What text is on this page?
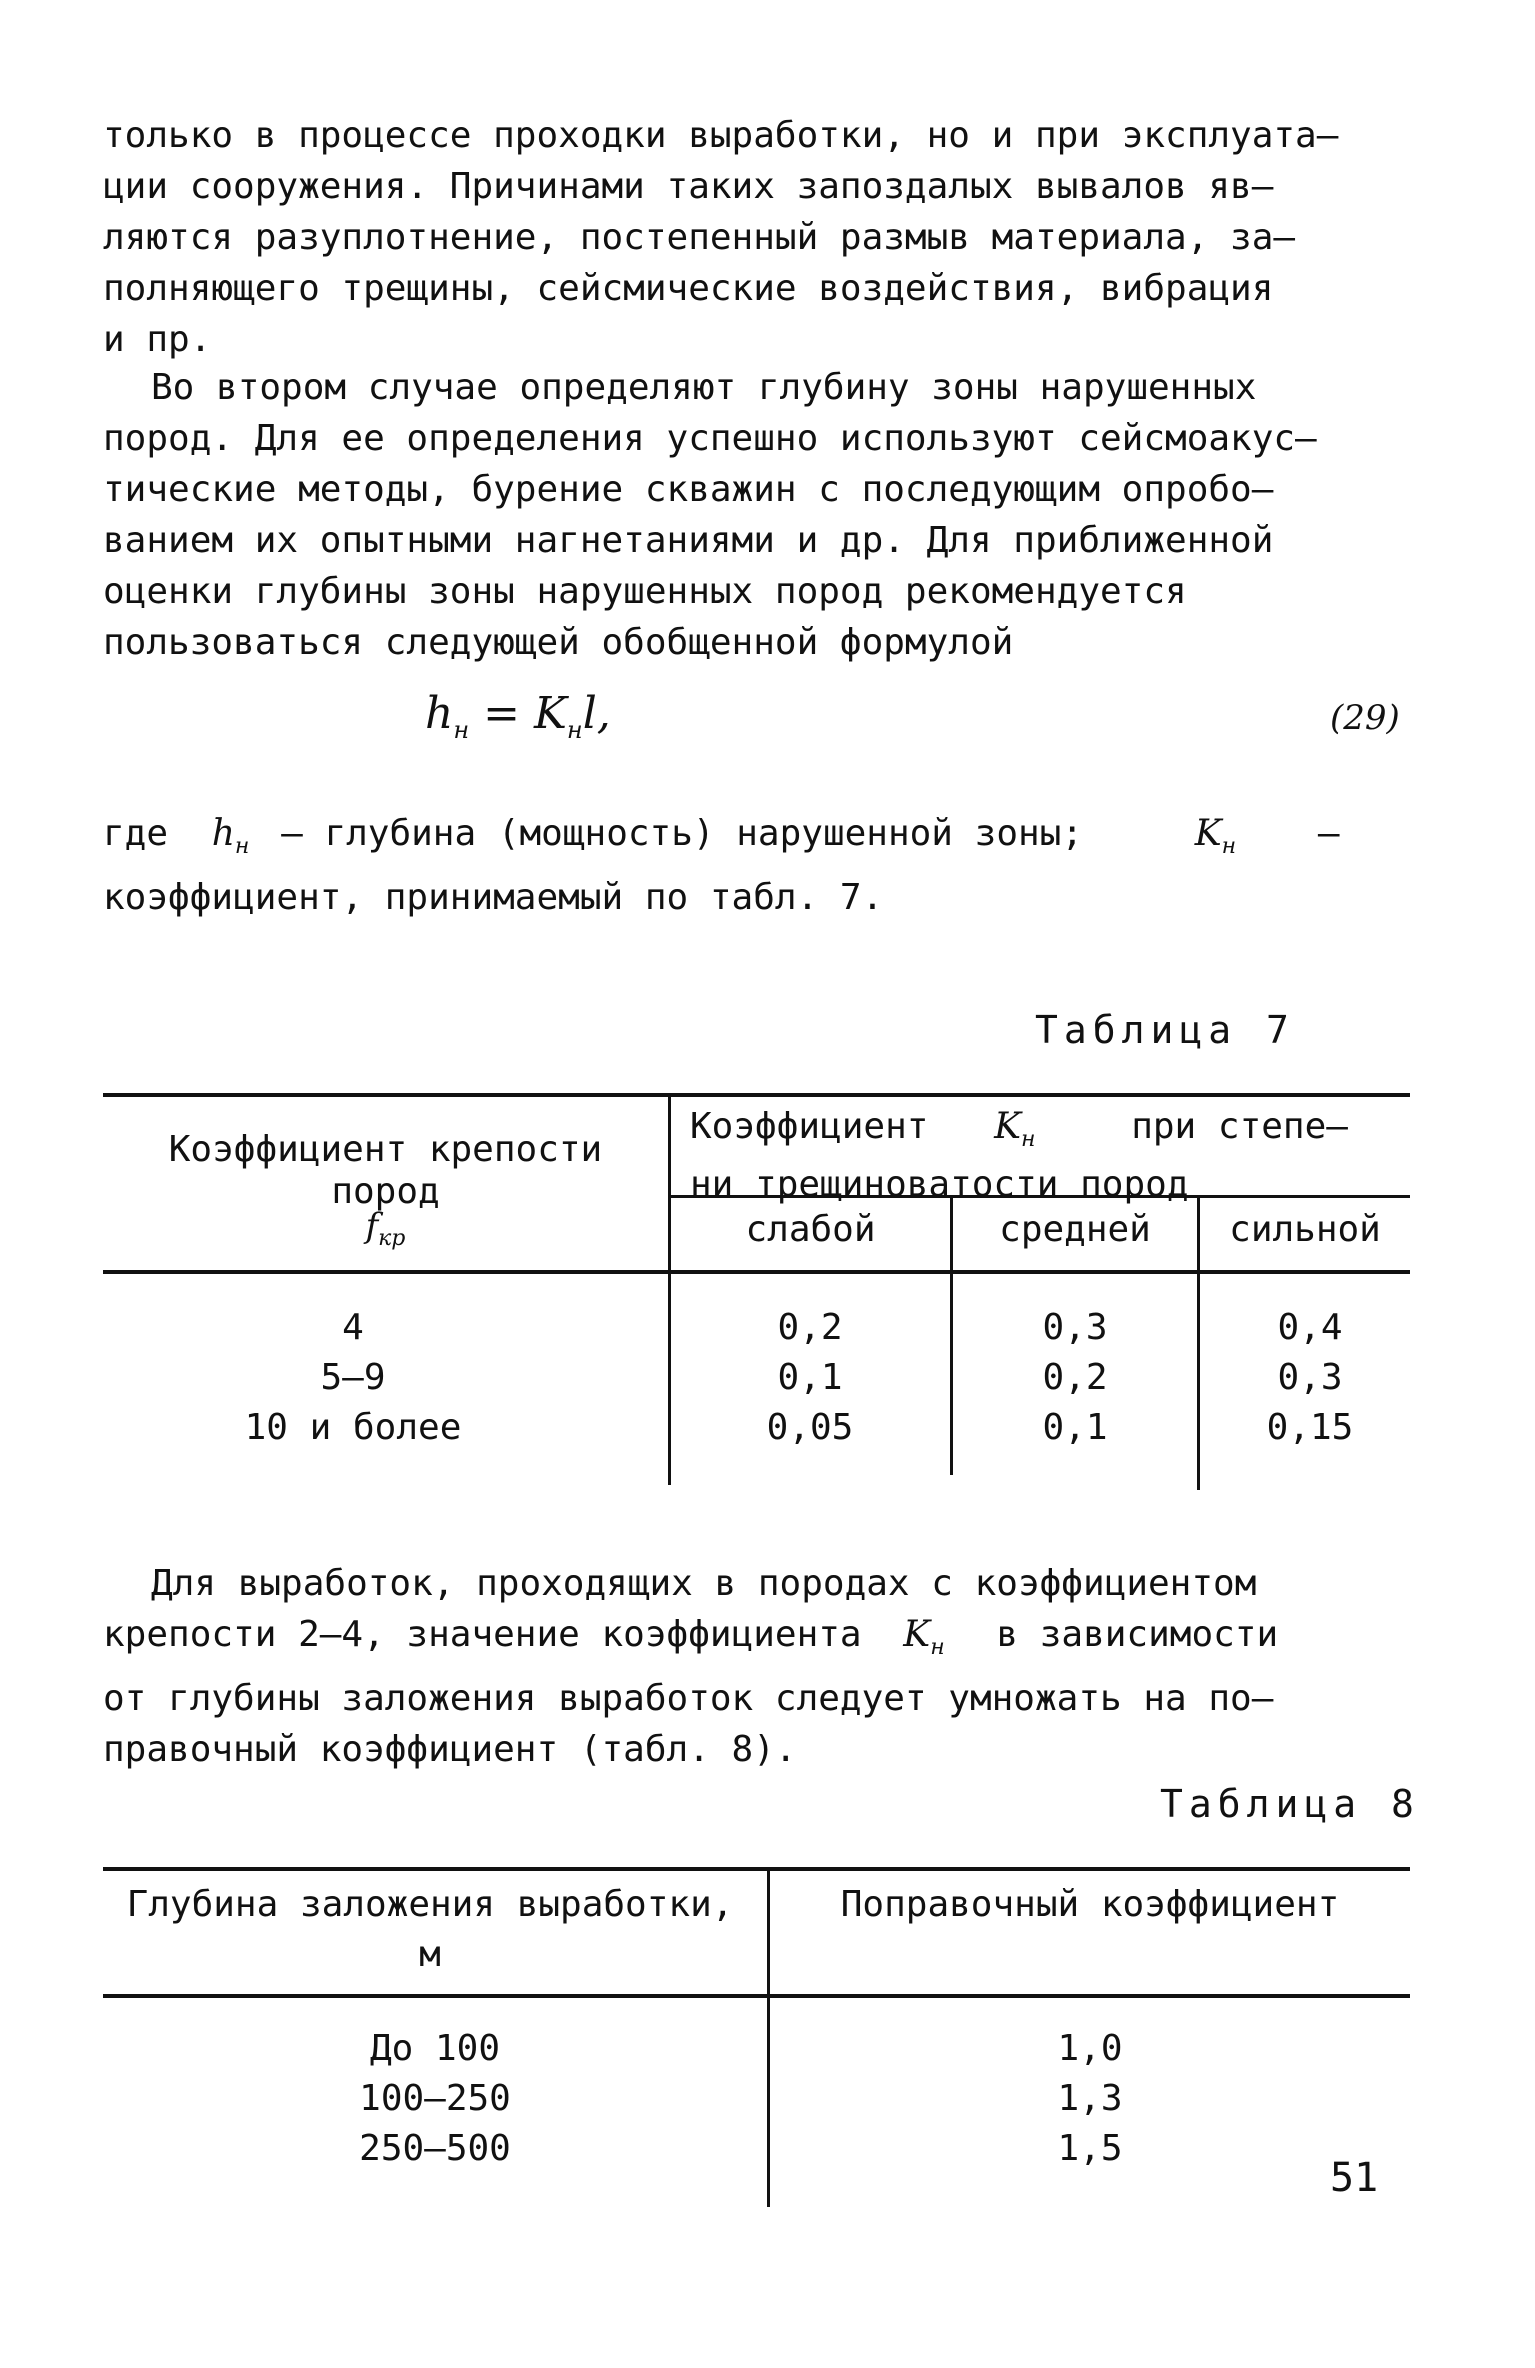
только в процессе проходки выработки, но и при эксплуата–
ции сооружения. Причинами таких запоздалых вывалов яв–
ляются разуплотнение, постепенный размыв материала, за–
полняющего трещины, сейсмические воздействия, вибрация
и пр.
Во втором случае определяют глубину зоны нарушенных
пород. Для ее определения успешно используют сейсмоакус–
тические методы, бурение скважин с последующим опробо–
ванием их опытными нагнетаниями и др. Для приближенной
оценки глубины зоны нарушенных пород рекомендуется
пользоваться следующей обобщенной формулой
$h_н = K_нl$,	(29)
где $h_н$ – глубина (мощность) нарушенной зоны;	$K_н$ –
коэффициент, принимаемый по табл. 7.
Таблица 7
Коэффициент крепости
пород
$f_{кр}$
Коэффициент $K_н$	при степе–
ни трещиноватости пород
слабой	средней	сильной
4	0,2	0,3	0,4
5–9	0,1	0,2	0,3
10 и более	0,05	0,1	0,15
Для выработок, проходящих в породах с коэффициентом
крепости 2–4, значение коэффициента $K_н$ в зависимости
от глубины заложения выработок следует умножать на по–
правочный коэффициент (табл. 8).
Таблица 8
Глубина заложения выработки,
м
Поправочный коэффициент
До 100	1,0
100–250	1,3
250–500	1,5
51
